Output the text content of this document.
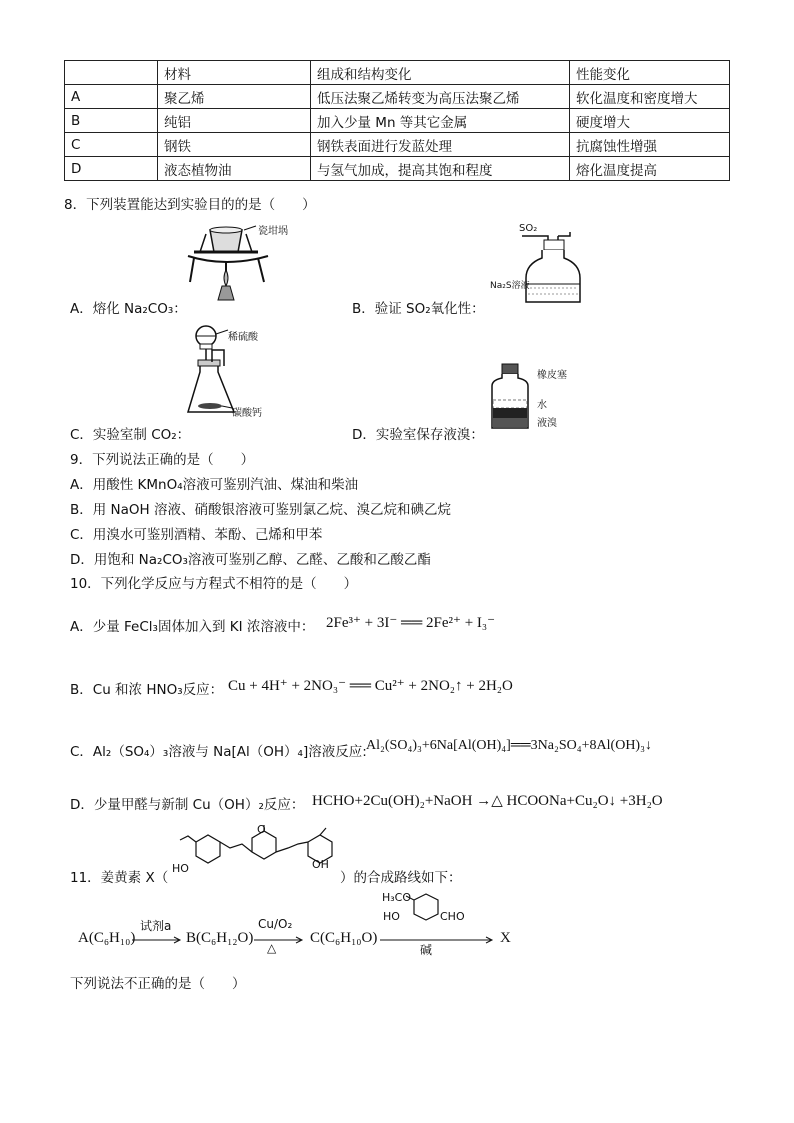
	材料	组成和结构变化	性能变化
A	聚乙烯	低压法聚乙烯转变为高压法聚乙烯	软化温度和密度增大
B	纯铝	加入少量 Mn 等其它金属	硬度增大
C	钢铁	钢铁表面进行发蓝处理	抗腐蚀性增强
D	液态植物油	与氢气加成，提高其饱和程度	熔化温度提高
8．下列装置能达到实验目的的是（　　）
瓷坩埚
A．熔化 Na₂CO₃：
SO₂
Na₂S溶液
B．验证 SO₂氧化性：
稀硫酸
碳酸钙
C．实验室制 CO₂：
橡皮塞
水
液溴
D．实验室保存液溴：
9．下列说法正确的是（　　）
A．用酸性 KMnO₄溶液可鉴别汽油、煤油和柴油
B．用 NaOH 溶液、硝酸银溶液可鉴别氯乙烷、溴乙烷和碘乙烷
C．用溴水可鉴别酒精、苯酚、己烯和甲苯
D．用饱和 Na₂CO₃溶液可鉴别乙醇、乙醛、乙酸和乙酸乙酯
10．下列化学反应与方程式不相符的是（　　）
A．少量 FeCl₃固体加入到 KI 浓溶液中： 2Fe³⁺ + 3I⁻ ══ 2Fe²⁺ + I₃⁻
B．Cu 和浓 HNO₃反应： Cu + 4H⁺ + 2NO₃⁻ ══ Cu²⁺ + 2NO₂↑ + 2H₂O
C．Al₂（SO₄）₃溶液与 Na[Al（OH）₄]溶液反应: Al₂(SO₄)₃+6Na[Al(OH)₄]══3Na₂SO₄+8Al(OH)₃↓
D．少量甲醛与新制 Cu（OH）₂反应： HCHO+2Cu(OH)₂+NaOH →△ HCOONa+Cu₂O↓ +3H₂O
11．姜黄素 X（
O
HO	OH
）的合成路线如下：
A(C₆H₁₀)
试剂a
B(C₆H₁₂O)
Cu/O₂
△
C(C₆H₁₀O)
H₃CO
HO	CHO
碱
X
下列说法不正确的是（　　）
